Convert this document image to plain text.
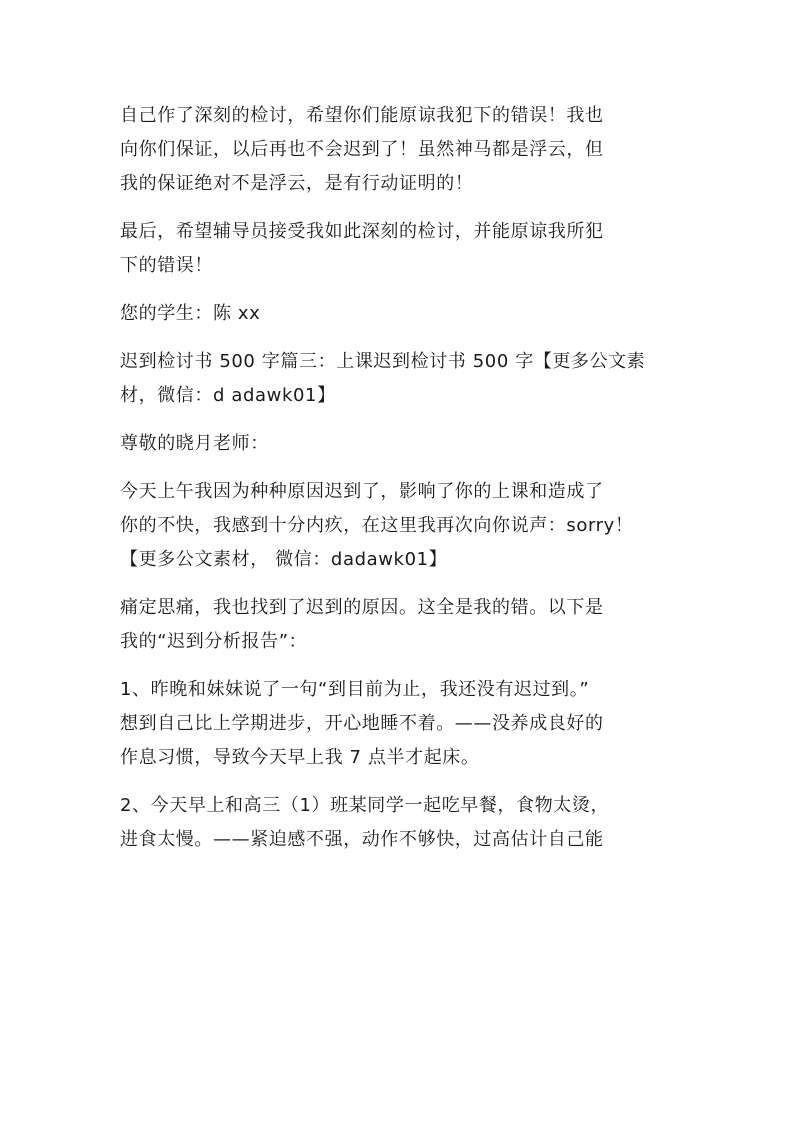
自己作了深刻的检讨，希望你们能原谅我犯下的错误！我也
向你们保证，以后再也不会迟到了！虽然神马都是浮云，但
我的保证绝对不是浮云，是有行动证明的！

最后，希望辅导员接受我如此深刻的检讨，并能原谅我所犯
下的错误！

您的学生：陈 xx

迟到检讨书 500 字篇三：上课迟到检讨书 500 字【更多公文素
材，微信：d adawk01】

尊敬的晓月老师：

今天上午我因为种种原因迟到了，影响了你的上课和造成了
你的不快，我感到十分内疚，在这里我再次向你说声：sorry！
【更多公文素材， 微信：dadawk01】

痛定思痛，我也找到了迟到的原因。这全是我的错。以下是
我的“迟到分析报告”：

1、昨晚和妹妹说了一句“到目前为止，我还没有迟过到。”
想到自己比上学期进步，开心地睡不着。——没养成良好的
作息习惯，导致今天早上我 7 点半才起床。

2、今天早上和高三（1）班某同学一起吃早餐，食物太烫，
进食太慢。——紧迫感不强，动作不够快，过高估计自己能
